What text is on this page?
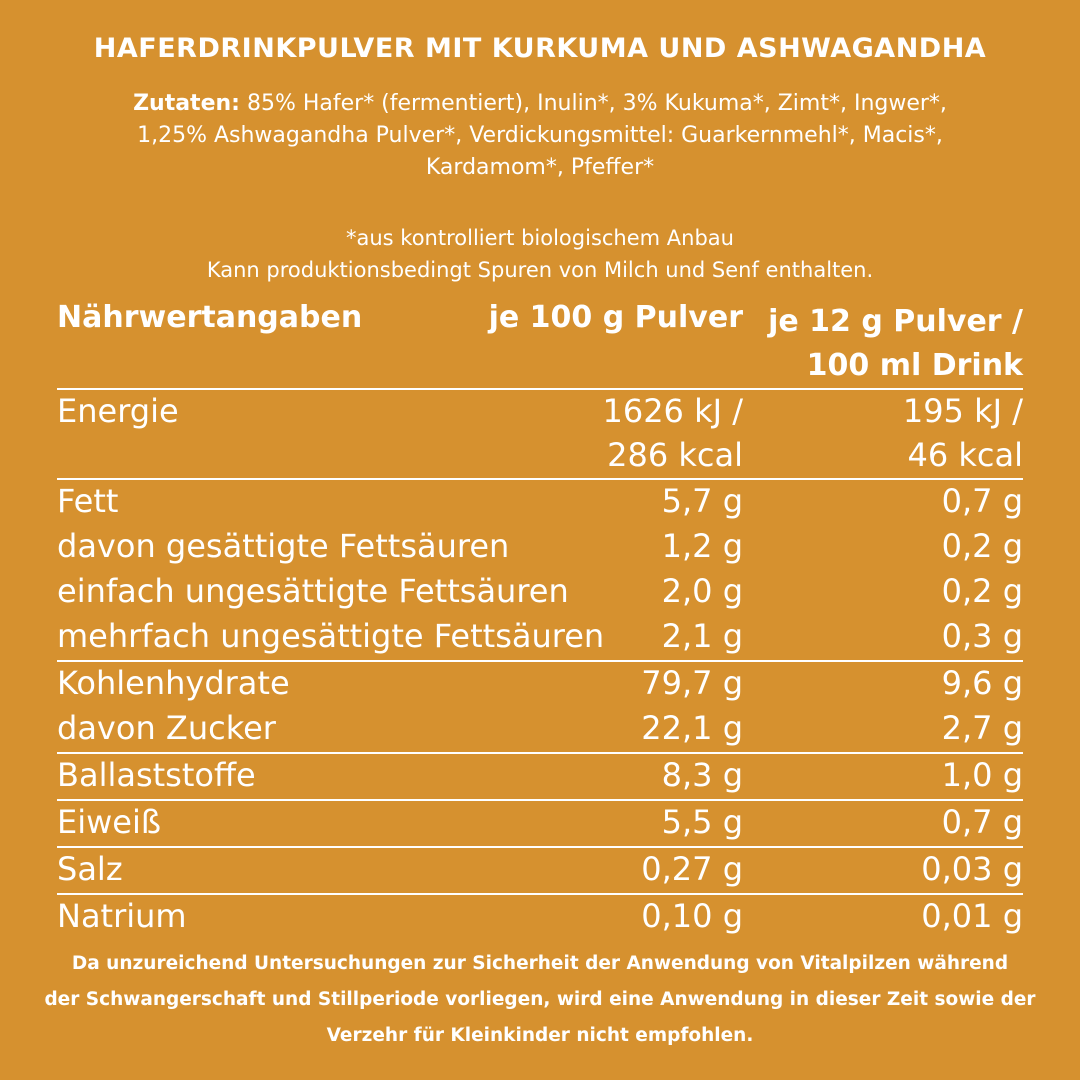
HAFERDRINKPULVER MIT KURKUMA UND ASHWAGANDHA
Zutaten: 85% Hafer* (fermentiert), Inulin*, 3% Kukuma*, Zimt*, Ingwer*,
1,25% Ashwagandha Pulver*, Verdickungsmittel: Guarkernmehl*, Macis*,
Kardamom*, Pfeffer*
*aus kontrolliert biologischem Anbau
Kann produktionsbedingt Spuren von Milch und Senf enthalten.
Nährwertangaben	je 100 g Pulver je 12 g Pulver /
100 ml Drink
Energie	1626 kJ /	195 kJ /
286 kcal	46 kcal
Fett	5,7 g	0,7 g
davon gesättigte Fettsäuren	1,2 g	0,2 g
einfach ungesättigte Fettsäuren	2,0 g	0,2 g
mehrfach ungesättigte Fettsäuren 2,1 g	0,3 g
Kohlenhydrate	79,7 g	9,6 g
davon Zucker	22,1 g	2,7 g
Ballaststoffe	8,3 g	1,0 g
Eiweiß	5,5 g	0,7 g
Salz	0,27 g	0,03 g
Natrium	0,10 g	0,01 g
Da unzureichend Untersuchungen zur Sicherheit der Anwendung von Vitalpilzen während
der Schwangerschaft und Stillperiode vorliegen, wird eine Anwendung in dieser Zeit sowie der
Verzehr für Kleinkinder nicht empfohlen.
